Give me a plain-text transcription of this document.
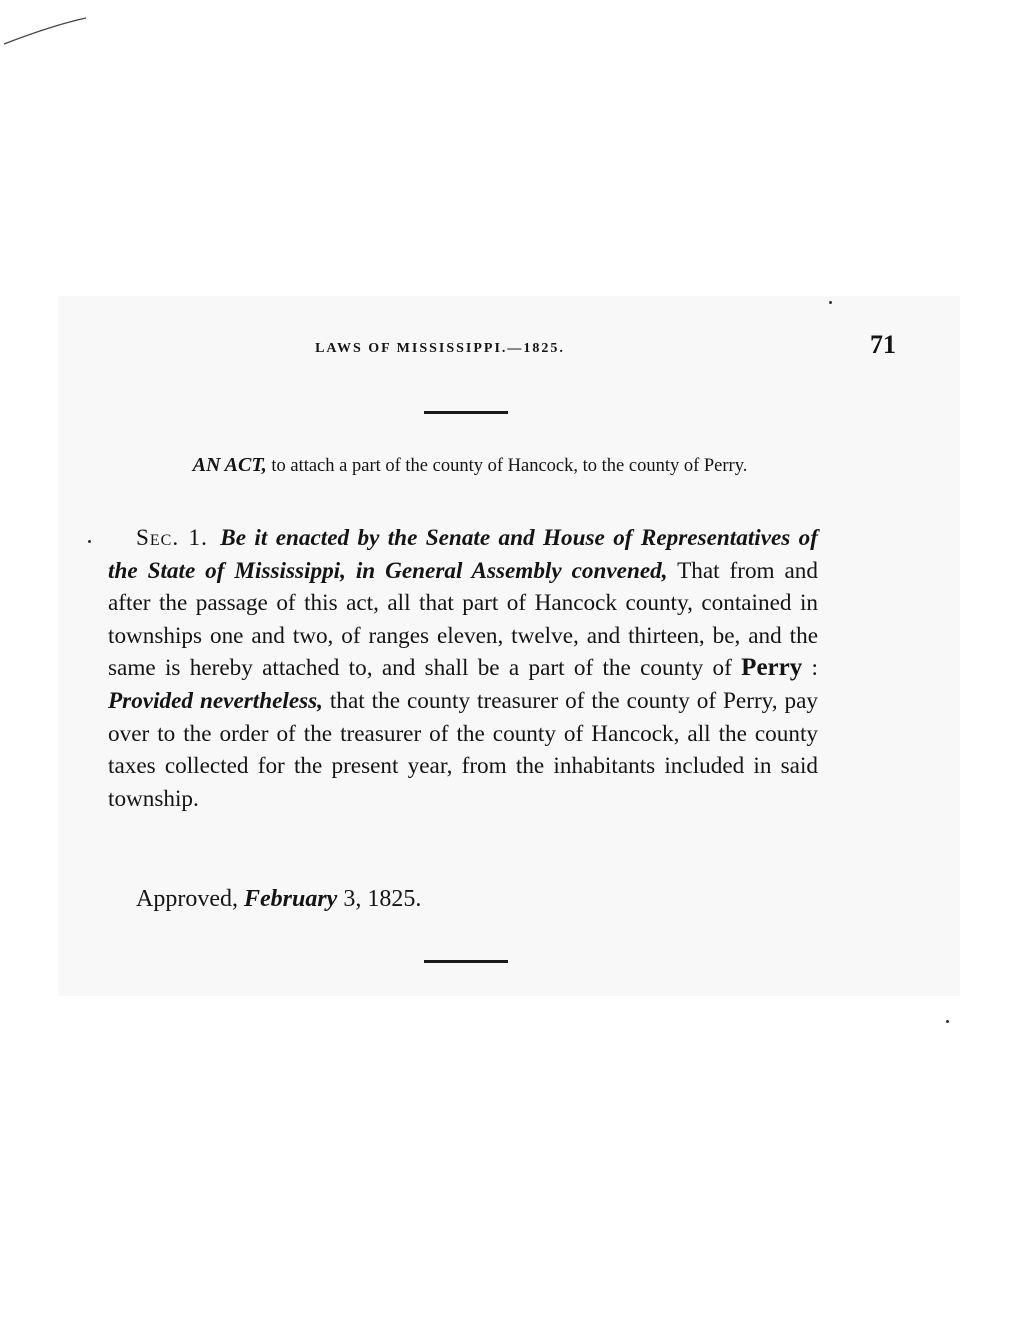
LAWS OF MISSISSIPPI.—1825.	71
AN ACT, to attach a part of the county of Hancock, to the county of Perry.

Sec. 1. Be it enacted by the Senate and House of Representatives of the State of Mississippi, in General Assembly convened, That from and after the passage of this act, all that part of Hancock county, contained in townships one and two, of ranges eleven, twelve, and thirteen, be, and the same is hereby attached to, and shall be a part of the county of Perry : Provided nevertheless, that the county treasurer of the county of Perry, pay over to the order of the treasurer of the county of Hancock, all the county taxes collected for the present year, from the inhabitants included in said township.

Approved, February 3, 1825.
